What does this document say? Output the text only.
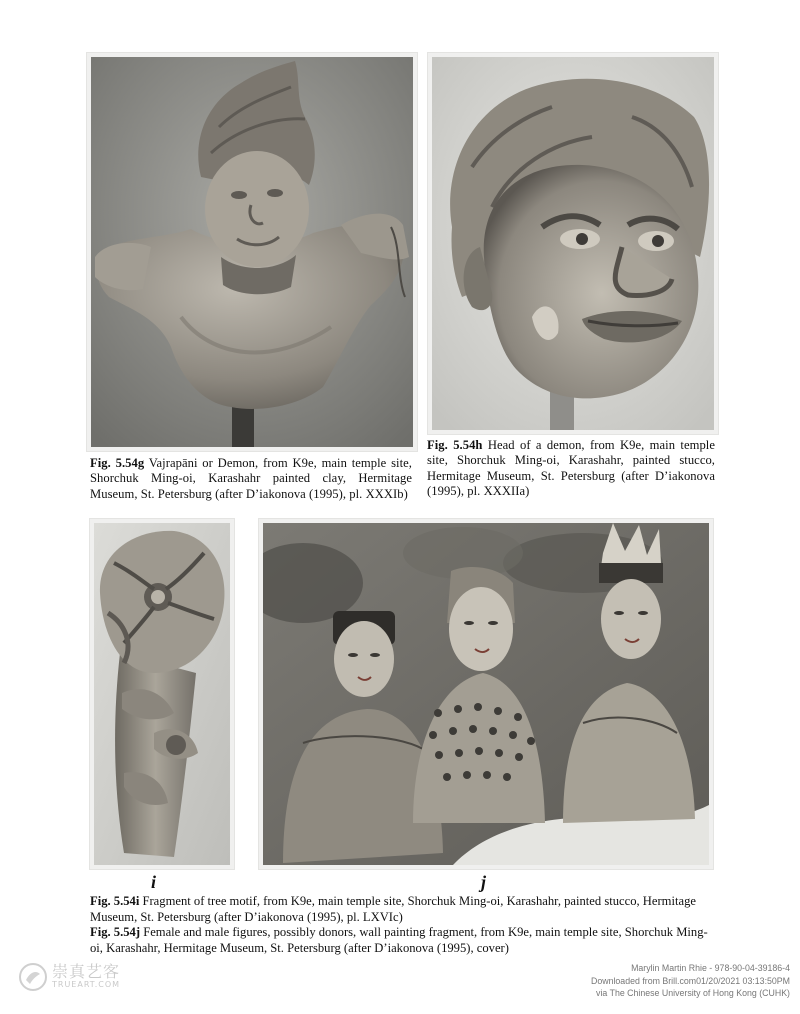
Fig. 5.54g Vajrapāni or Demon, from K9e, main temple site, Shorchuk Ming-oi, Karashahr painted clay, Hermitage Museum, St. Petersburg (after D’iakonova (1995), pl. XXXIb)
Fig. 5.54h Head of a demon, from K9e, main temple site, Shorchuk Ming-oi, Karashahr, painted stucco, Hermitage Museum, St. Petersburg (after D’iakonova (1995), pl. XXXIIa)
i	j
Fig. 5.54i Fragment of tree motif, from K9e, main temple site, Shorchuk Ming-oi, Karashahr, painted stucco, Hermitage Museum, St. Petersburg (after D’iakonova (1995), pl. LXVIc)
Fig. 5.54j Female and male figures, possibly donors, wall painting fragment, from K9e, main temple site, Shorchuk Ming-oi, Karashahr, Hermitage Museum, St. Petersburg (after D’iakonova (1995), cover)
崇真艺客
TRUEART.COM
Marylin Martin Rhie - 978-90-04-39186-4
Downloaded from Brill.com01/20/2021 03:13:50PM
via The Chinese University of Hong Kong (CUHK)
